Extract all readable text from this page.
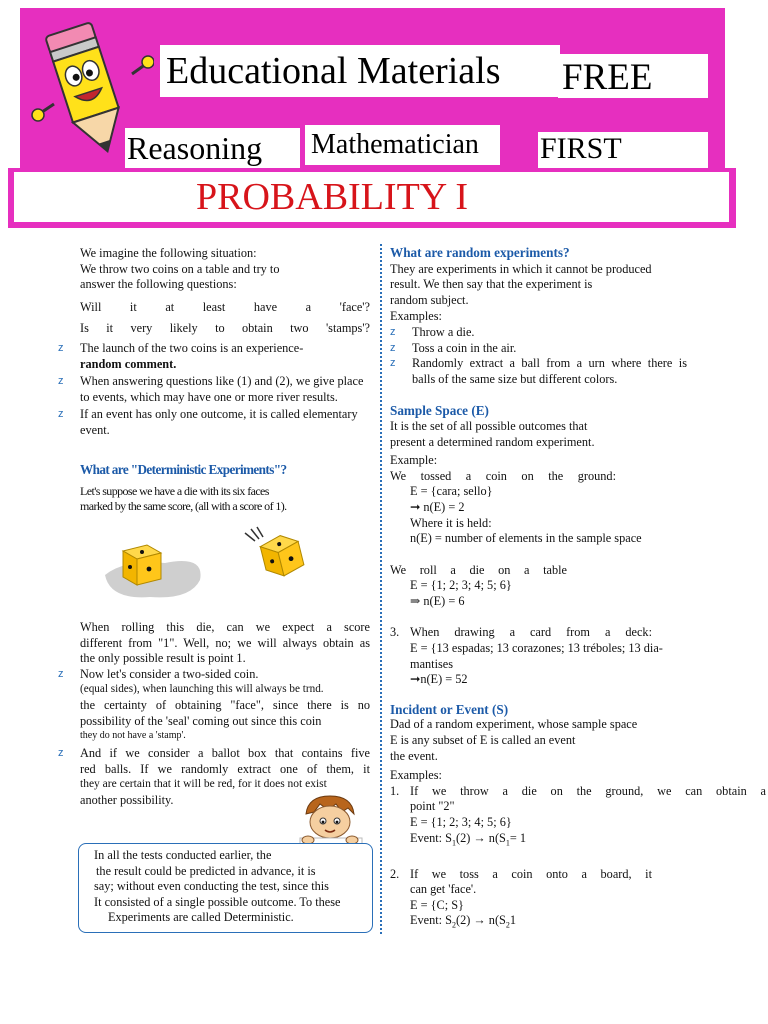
Educational Materials FREE
Reasoning Mathematician FIRST
PROBABILITY I
We imagine the following situation:
We throw two coins on a table and try to
answer the following questions:
Will it at least have a 'face'?
Is it very likely to obtain two 'stamps'?
z The launch of the two coins is an experience-
random comment.
z When answering questions like (1) and (2), we give place to events, which may have one or more river results.
z If an event has only one outcome, it is called elementary event.
What are "Deterministic Experiments"?
Let's suppose we have a die with its six faces
marked by the same score, (all with a score of 1).
When rolling this die, can we expect a score
different from "1". Well, no; we will always obtain as
the only possible result is point 1.
z Now let's consider a two-sided coin.
(equal sides), when launching this will always be trnd.
the certainty of obtaining "face", since there is no
possibility of the 'seal' coming out since this coin
they do not have a 'stamp'.
z And if we consider a ballot box that contains five
red balls. If we randomly extract one of them, it
they are certain that it will be red, for it does not exist
another possibility.
In all the tests conducted earlier, the
the result could be predicted in advance, it is
say; without even conducting the test, since this
It consisted of a single possible outcome. To these
Experiments are called Deterministic.
What are random experiments?
They are experiments in which it cannot be produced
result. We then say that the experiment is
random subject.
Examples:
z Throw a die.
z Toss a coin in the air.
z Randomly extract a ball from a urn where there is
balls of the same size but different colors.
Sample Space (E)
It is the set of all possible outcomes that
present a determined random experiment.
Example:
We tossed a coin on the ground:
E = {cara; sello}
➞ n(E) = 2
Where it is held:
n(E) = number of elements in the sample space
We roll a die on a table
E = {1; 2; 3; 4; 5; 6}
⇒ n(E) = 6
3. When drawing a card from a deck:
E = {13 espadas; 13 corazones; 13 tréboles; 13 dia-
mantises
➞n(E) = 52
Incident or Event (S)
Dad of a random experiment, whose sample space
E is any subset of E is called an event
the event.
Examples:
1. If we throw a die on the ground, we can obtain a
point "2"
E = {1; 2; 3; 4; 5; 6}
Event: $S_1(2) \to n(S_1= 1$
2. If we toss a coin onto a board, it
can get 'face'.
E = {C; S}
Event: $S_2(2) \to n(S_21$
